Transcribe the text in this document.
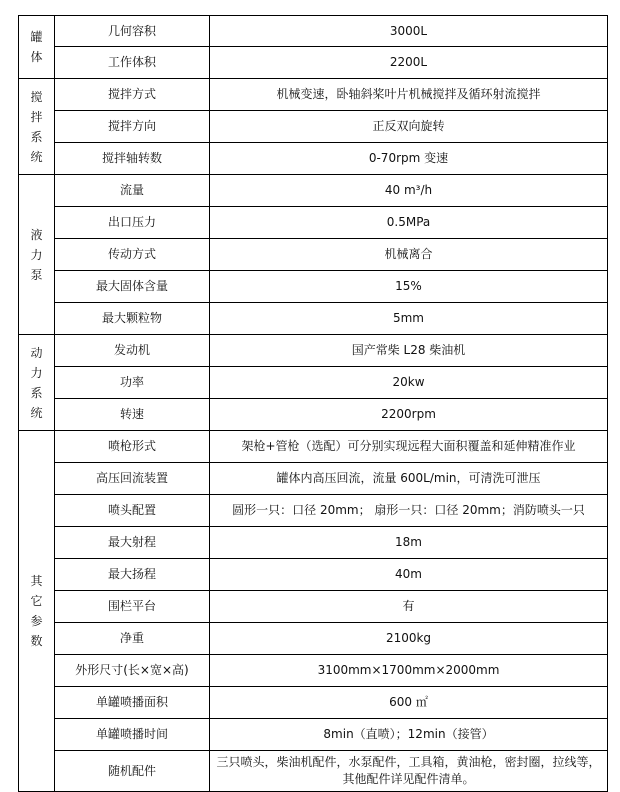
罐体	几何容积	3000L
	工作体积	2200L

搅拌系统	搅拌方式	机械变速，卧轴斜桨叶片机械搅拌及循环射流搅拌
	搅拌方向	正反双向旋转
	搅拌轴转数	0-70rpm 变速

液力泵	流量	40 m³/h
	出口压力	0.5MPa
	传动方式	机械离合
	最大固体含量	15%
	最大颗粒物	5mm

动力系统	发动机	国产常柴 L28 柴油机
	功率	20kw
	转速	2200rpm

其它参数	喷枪形式	架枪+管枪（选配）可分别实现远程大面积覆盖和延伸精准作业
	高压回流装置	罐体内高压回流，流量 600L/min，可清洗可泄压
	喷头配置	圆形一只：口径 20mm； 扇形一只：口径 20mm；消防喷头一只
	最大射程	18m
	最大扬程	40m
	围栏平台	有
	净重	2100kg
	外形尺寸(长×宽×高)	3100mm×1700mm×2000mm
	单罐喷播面积	600 ㎡
	单罐喷播时间	8min（直喷）；12min（接管）
	随机配件	三只喷头，柴油机配件，水泵配件，工具箱，黄油枪，密封圈，拉线等，其他配件详见配件清单。
